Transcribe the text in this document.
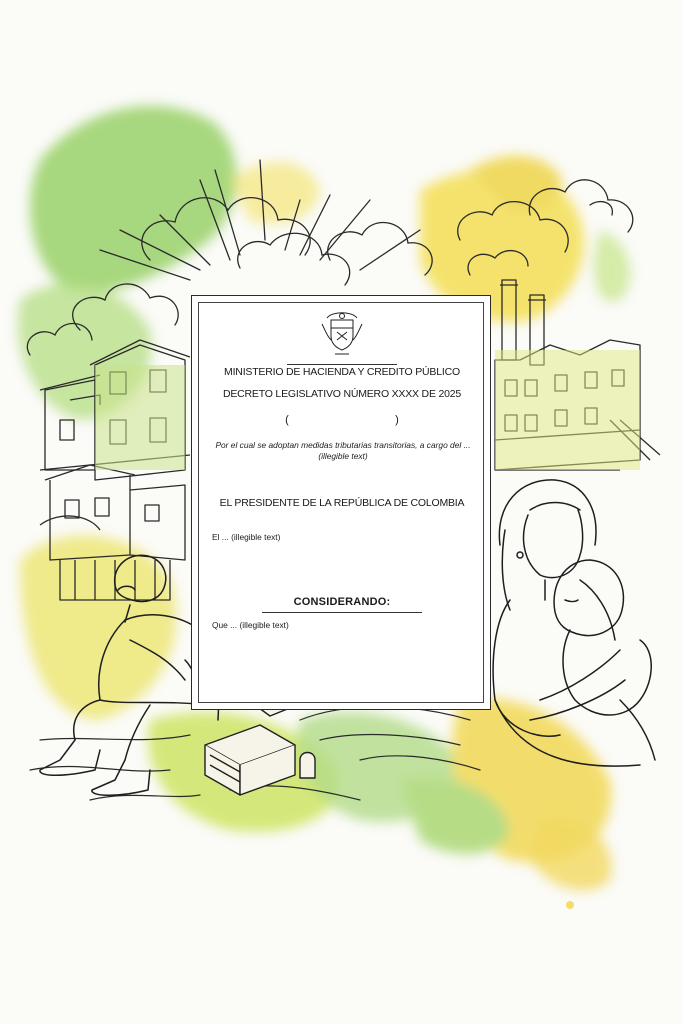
MINISTERIO DE HACIENDA Y CREDITO PÚBLICO
DECRETO LEGISLATIVO NÚMERO XXXX DE 2025
(	)
Por el cual se adoptan medidas tributarias transitorias, a cargo del ... (illegible text)
EL PRESIDENTE DE LA REPÚBLICA DE COLOMBIA
El ... (illegible text)
CONSIDERANDO:
Que ... (illegible text)
